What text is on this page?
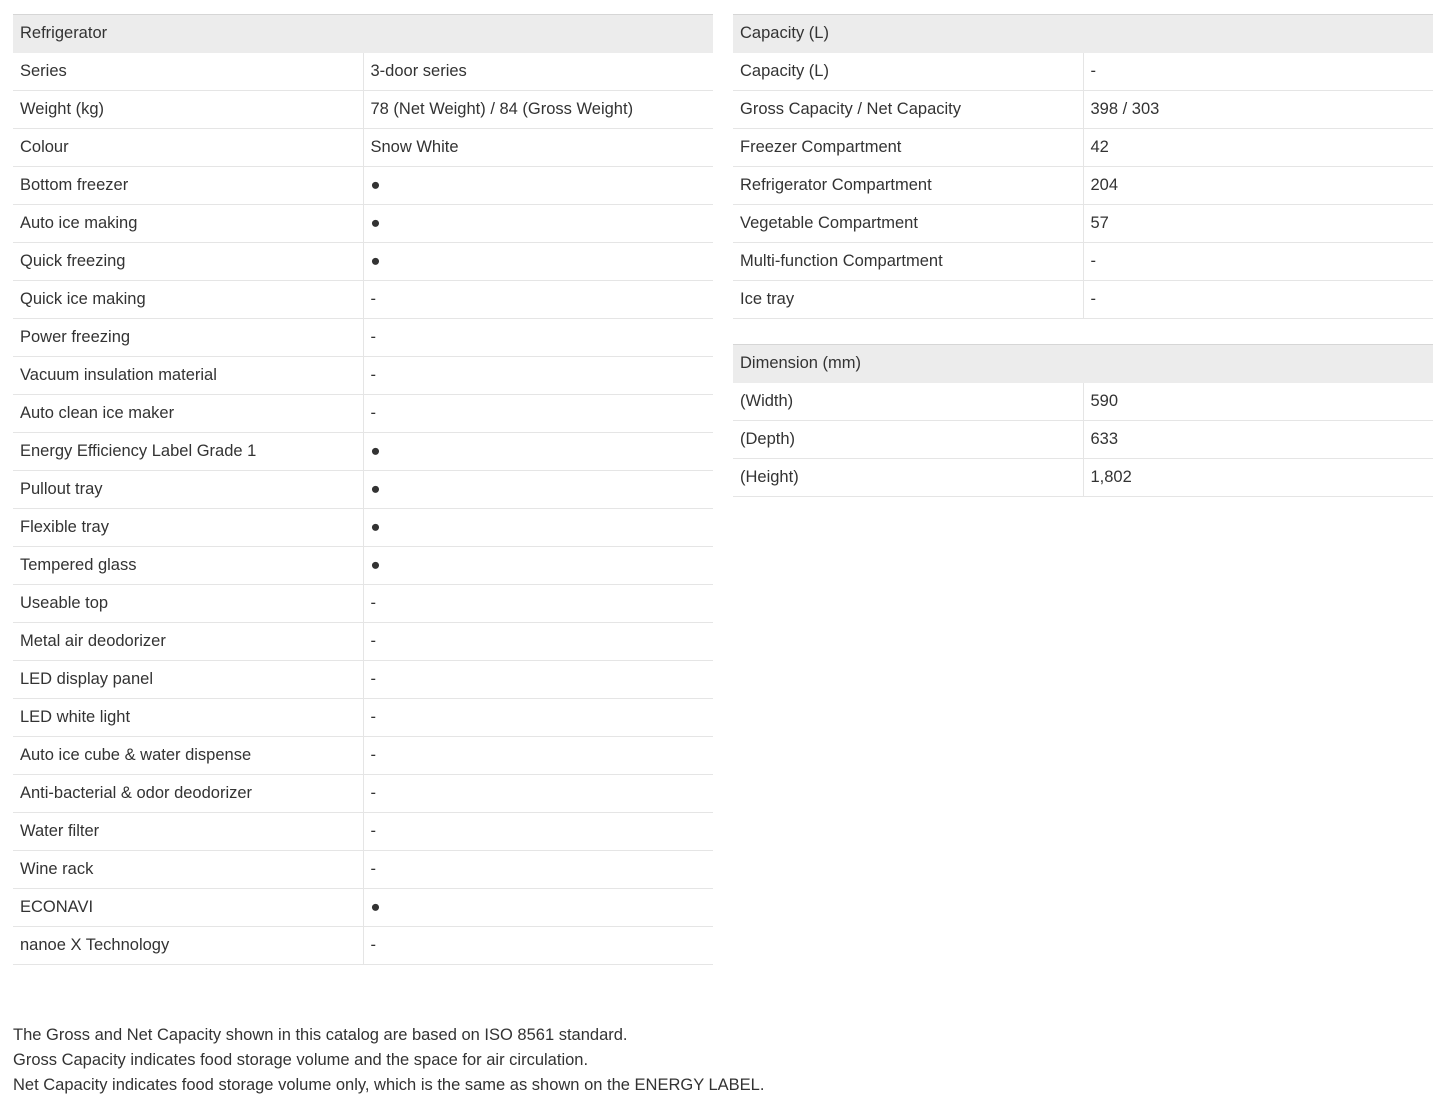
Refrigerator	
Series	3-door series
Weight (kg)	78 (Net Weight) / 84 (Gross Weight)
Colour	Snow White
Bottom freezer	●
Auto ice making	●
Quick freezing	●
Quick ice making	-
Power freezing	-
Vacuum insulation material	-
Auto clean ice maker	-
Energy Efficiency Label Grade 1	●
Pullout tray	●
Flexible tray	●
Tempered glass	●
Useable top	-
Metal air deodorizer	-
LED display panel	-
LED white light	-
Auto ice cube & water dispense	-
Anti-bacterial & odor deodorizer	-
Water filter	-
Wine rack	-
ECONAVI	●
nanoe X Technology	-
Capacity (L)	
Capacity (L)	-
Gross Capacity / Net Capacity	398 / 303
Freezer Compartment	42
Refrigerator Compartment	204
Vegetable Compartment	57
Multi-function Compartment	-
Ice tray	-
Dimension (mm)	
(Width)	590
(Depth)	633
(Height)	1,802
The Gross and Net Capacity shown in this catalog are based on ISO 8561 standard.
Gross Capacity indicates food storage volume and the space for air circulation.
Net Capacity indicates food storage volume only, which is the same as shown on the ENERGY LABEL.
